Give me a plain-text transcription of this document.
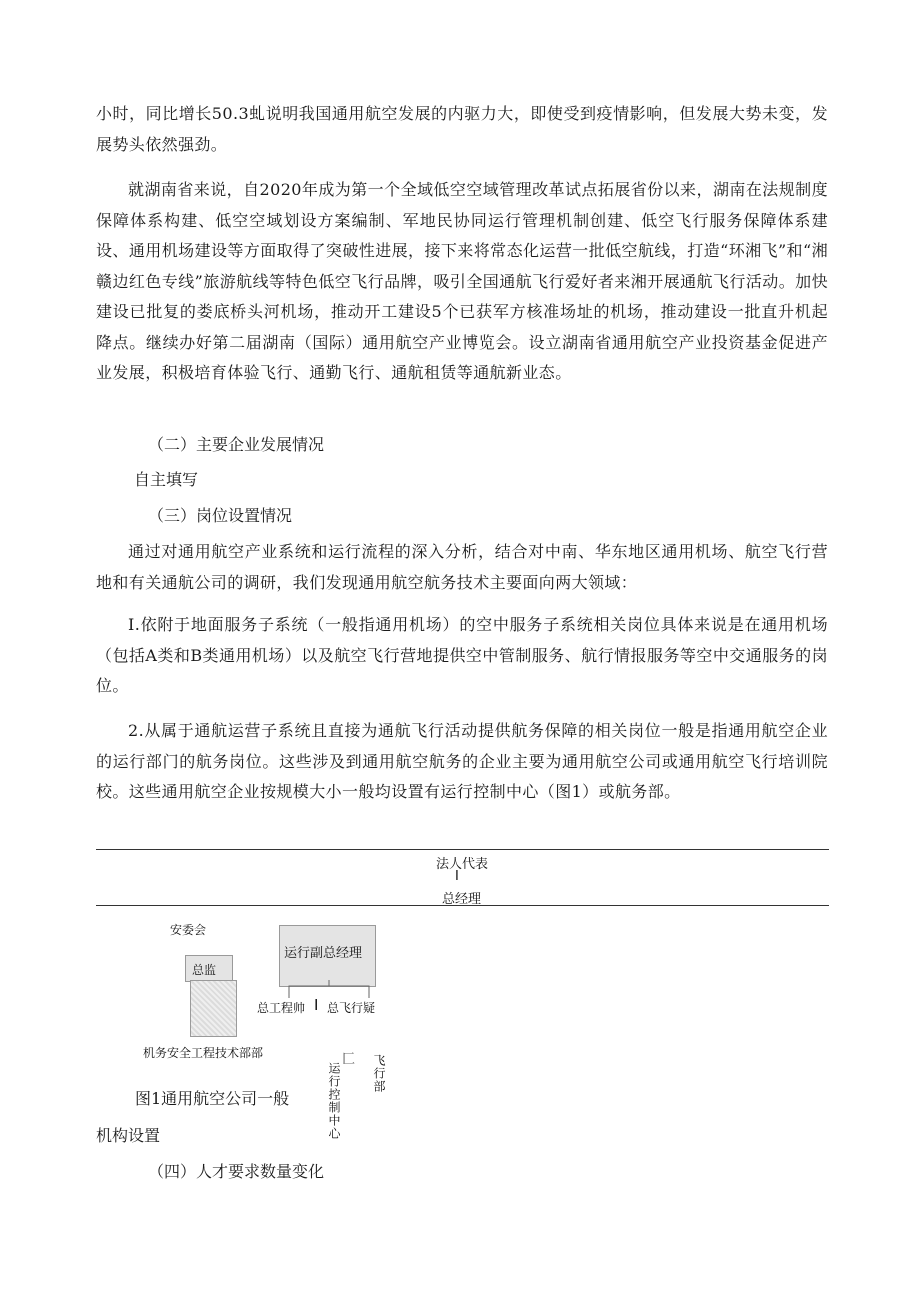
小时，同比增长50.3虬说明我国通用航空发展的内驱力大，即使受到疫情影响，但发展大势未变，发展势头依然强劲。

就湖南省来说，自2020年成为第一个全域低空空域管理改革试点拓展省份以来，湖南在法规制度保障体系构建、低空空域划设方案编制、军地民协同运行管理机制创建、低空飞行服务保障体系建设、通用机场建设等方面取得了突破性进展，接下来将常态化运营一批低空航线，打造“环湘飞”和“湘赣边红色专线”旅游航线等特色低空飞行品牌，吸引全国通航飞行爱好者来湘开展通航飞行活动。加快建设已批复的娄底桥头河机场，推动开工建设5个已获军方核准场址的机场，推动建设一批直升机起降点。继续办好第二届湖南（国际）通用航空产业博览会。设立湖南省通用航空产业投资基金促进产业发展，积极培育体验飞行、通勤飞行、通航租赁等通航新业态。

（二）主要企业发展情况

自主填写

（三）岗位设置情况

通过对通用航空产业系统和运行流程的深入分析，结合对中南、华东地区通用机场、航空飞行营地和有关通航公司的调研，我们发现通用航空航务技术主要面向两大领域：

I.依附于地面服务子系统（一般指通用机场）的空中服务子系统相关岗位具体来说是在通用机场（包括A类和B类通用机场）以及航空飞行营地提供空中管制服务、航行情报服务等空中交通服务的岗位。

2.从属于通航运营子系统且直接为通航飞行活动提供航务保障的相关岗位一般是指通用航空企业的运行部门的航务岗位。这些涉及到通用航空航务的企业主要为通用航空公司或通用航空飞行培训院校。这些通用航空企业按规模大小一般均设置有运行控制中心（图1）或航务部。

法人代表
I
总经理
安委会
总监
运行副总经理
总工程帅 I 总飞行疑
机务安全工程技术部部	匚
运行控制中心	飞行部

图1通用航空公司一般

机构设置

（四）人才要求数量变化
